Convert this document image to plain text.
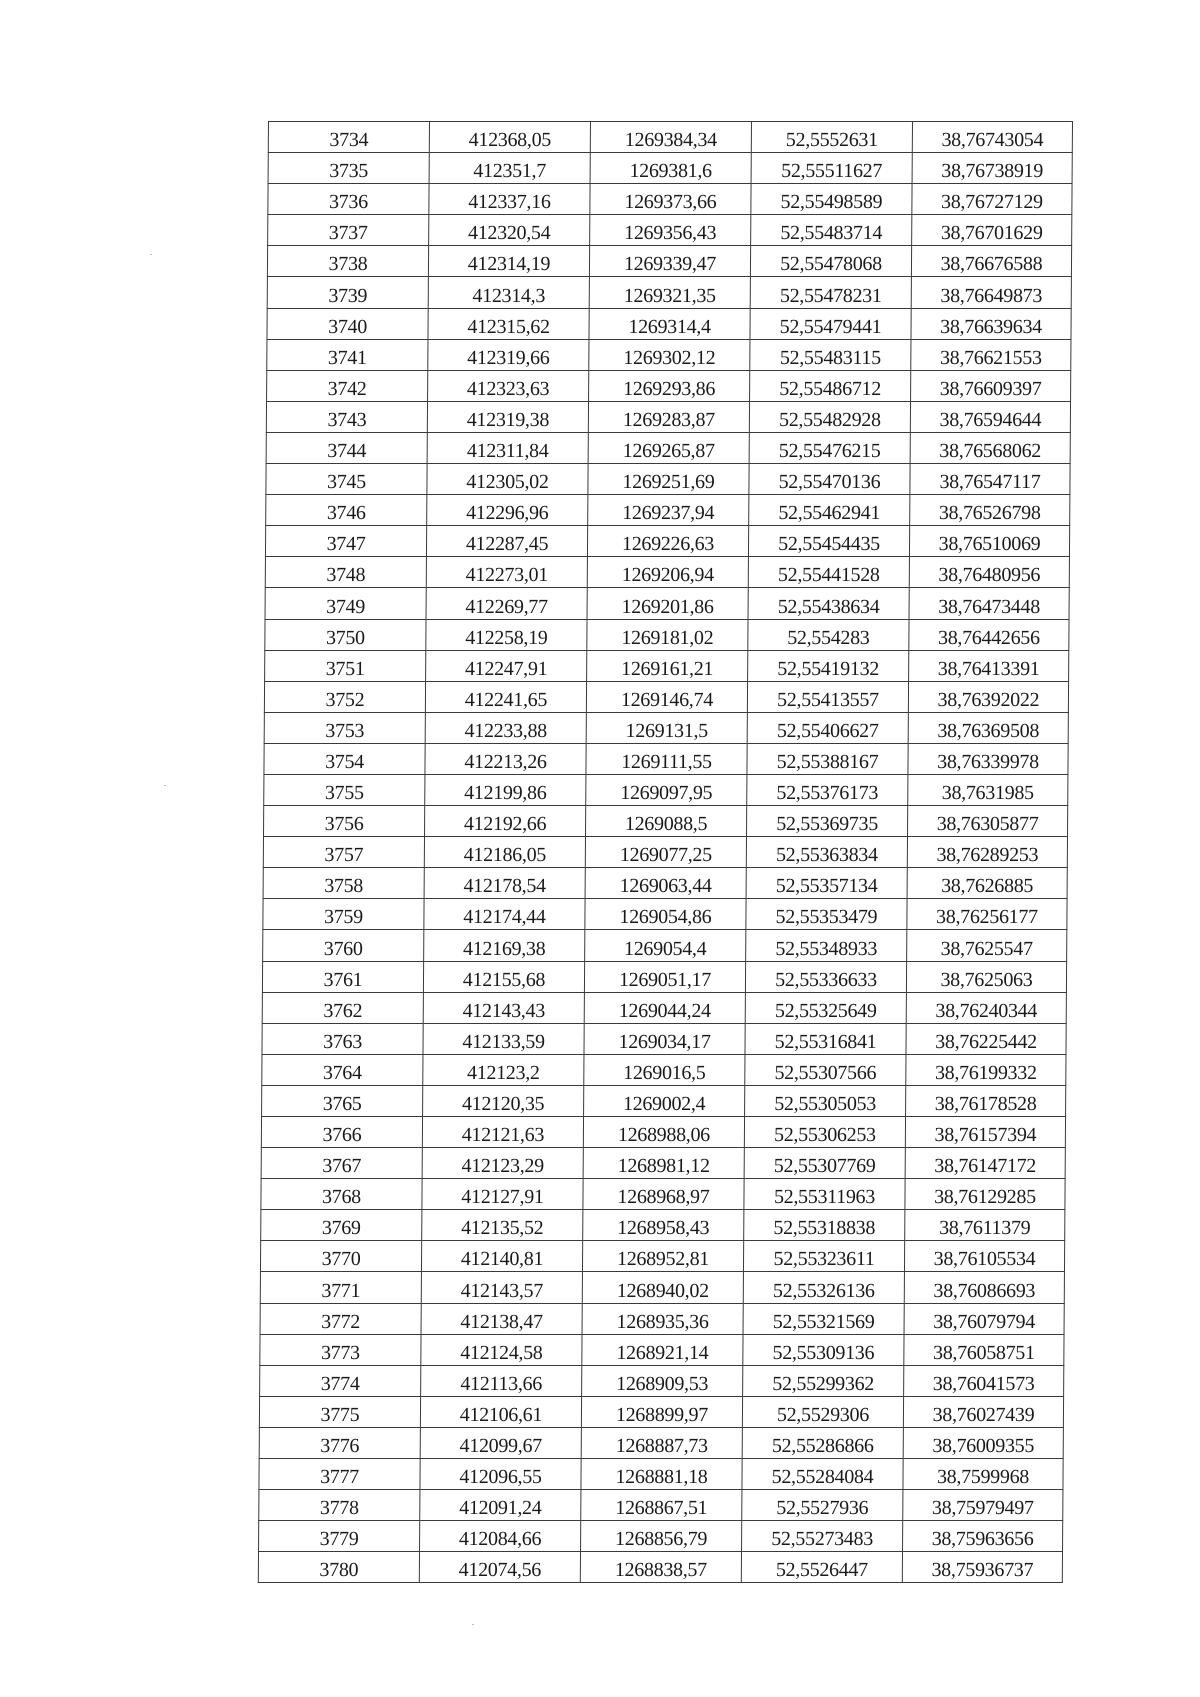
3734	412368,05	1269384,34	52,5552631	38,76743054
3735	412351,7	1269381,6	52,55511627	38,76738919
3736	412337,16	1269373,66	52,55498589	38,76727129
3737	412320,54	1269356,43	52,55483714	38,76701629
3738	412314,19	1269339,47	52,55478068	38,76676588
3739	412314,3	1269321,35	52,55478231	38,76649873
3740	412315,62	1269314,4	52,55479441	38,76639634
3741	412319,66	1269302,12	52,55483115	38,76621553
3742	412323,63	1269293,86	52,55486712	38,76609397
3743	412319,38	1269283,87	52,55482928	38,76594644
3744	412311,84	1269265,87	52,55476215	38,76568062
3745	412305,02	1269251,69	52,55470136	38,76547117
3746	412296,96	1269237,94	52,55462941	38,76526798
3747	412287,45	1269226,63	52,55454435	38,76510069
3748	412273,01	1269206,94	52,55441528	38,76480956
3749	412269,77	1269201,86	52,55438634	38,76473448
3750	412258,19	1269181,02	52,554283	38,76442656
3751	412247,91	1269161,21	52,55419132	38,76413391
3752	412241,65	1269146,74	52,55413557	38,76392022
3753	412233,88	1269131,5	52,55406627	38,76369508
3754	412213,26	1269111,55	52,55388167	38,76339978
3755	412199,86	1269097,95	52,55376173	38,7631985
3756	412192,66	1269088,5	52,55369735	38,76305877
3757	412186,05	1269077,25	52,55363834	38,76289253
3758	412178,54	1269063,44	52,55357134	38,7626885
3759	412174,44	1269054,86	52,55353479	38,76256177
3760	412169,38	1269054,4	52,55348933	38,7625547
3761	412155,68	1269051,17	52,55336633	38,7625063
3762	412143,43	1269044,24	52,55325649	38,76240344
3763	412133,59	1269034,17	52,55316841	38,76225442
3764	412123,2	1269016,5	52,55307566	38,76199332
3765	412120,35	1269002,4	52,55305053	38,76178528
3766	412121,63	1268988,06	52,55306253	38,76157394
3767	412123,29	1268981,12	52,55307769	38,76147172
3768	412127,91	1268968,97	52,55311963	38,76129285
3769	412135,52	1268958,43	52,55318838	38,7611379
3770	412140,81	1268952,81	52,55323611	38,76105534
3771	412143,57	1268940,02	52,55326136	38,76086693
3772	412138,47	1268935,36	52,55321569	38,76079794
3773	412124,58	1268921,14	52,55309136	38,76058751
3774	412113,66	1268909,53	52,55299362	38,76041573
3775	412106,61	1268899,97	52,5529306	38,76027439
3776	412099,67	1268887,73	52,55286866	38,76009355
3777	412096,55	1268881,18	52,55284084	38,7599968
3778	412091,24	1268867,51	52,5527936	38,75979497
3779	412084,66	1268856,79	52,55273483	38,75963656
3780	412074,56	1268838,57	52,5526447	38,75936737
